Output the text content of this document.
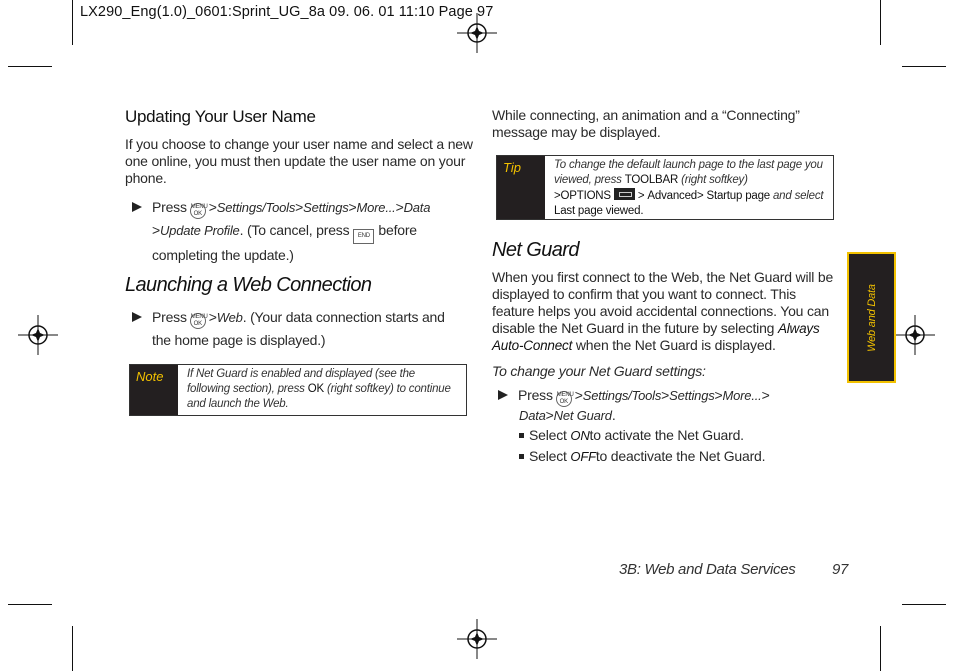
LX290_Eng(1.0)_0601:Sprint_UG_8a 09. 06. 01 11:10 Page 97
Updating Your User Name
If you choose to change your user name and select a new one online, you must then update the user name on your phone.
Press MENU OK >Settings/Tools>Settings>More...>Data
>Update Profile. (To cancel, press END before
completing the update.)
Launching a Web Connection
Press MENU OK >Web. (Your data connection starts and
the home page is displayed.)
Note	If Net Guard is enabled and displayed (see the following section), press OK (right softkey) to continue and launch the Web.
While connecting, an animation and a “Connecting” message may be displayed.
Tip	To change the default launch page to the last page you viewed, press TOOLBAR (right softkey)
>OPTIONS > Advanced> Startup page and select Last page viewed.
Net Guard
When you first connect to the Web, the Net Guard will be displayed to confirm that you want to connect. This feature helps you avoid accidental connections. You can disable the Net Guard in the future by selecting Always Auto-Connect when the Net Guard is displayed.
To change your Net Guard settings:
Press MENU OK >Settings/Tools>Settings>More...>
Data>Net Guard.
Select ONto activate the Net Guard.
Select OFFto deactivate the Net Guard.
Web and Data
3B: Web and Data Services 97
